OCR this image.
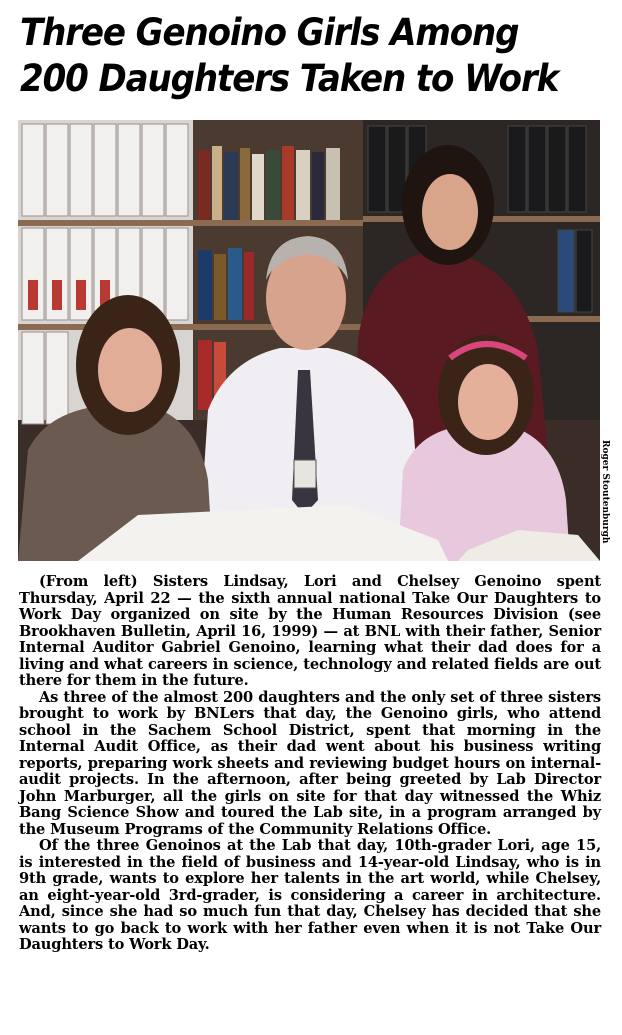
Three Genoino Girls Among
200 Daughters Taken to Work
Roger Stoutenburgh

(From left) Sisters Lindsay, Lori and Chelsey Genoino spent Thursday, April 22 — the sixth annual national Take Our Daughters to Work Day organized on site by the Human Resources Division (see Brookhaven Bulletin, April 16, 1999) — at BNL with their father, Senior Internal Auditor Gabriel Genoino, learning what their dad does for a living and what careers in science, technology and related fields are out there for them in the future.

As three of the almost 200 daughters and the only set of three sisters brought to work by BNLers that day, the Genoino girls, who attend school in the Sachem School District, spent that morning in the Internal Audit Office, as their dad went about his business writing reports, preparing work sheets and reviewing budget hours on internal-audit projects. In the afternoon, after being greeted by Lab Director John Marburger, all the girls on site for that day witnessed the Whiz Bang Science Show and toured the Lab site, in a program arranged by the Museum Programs of the Community Relations Office.

Of the three Genoinos at the Lab that day, 10th-grader Lori, age 15, is interested in the field of business and 14-year-old Lindsay, who is in 9th grade, wants to explore her talents in the art world, while Chelsey, an eight-year-old 3rd-grader, is considering a career in architecture. And, since she had so much fun that day, Chelsey has decided that she wants to go back to work with her father even when it is not Take Our Daughters to Work Day.
